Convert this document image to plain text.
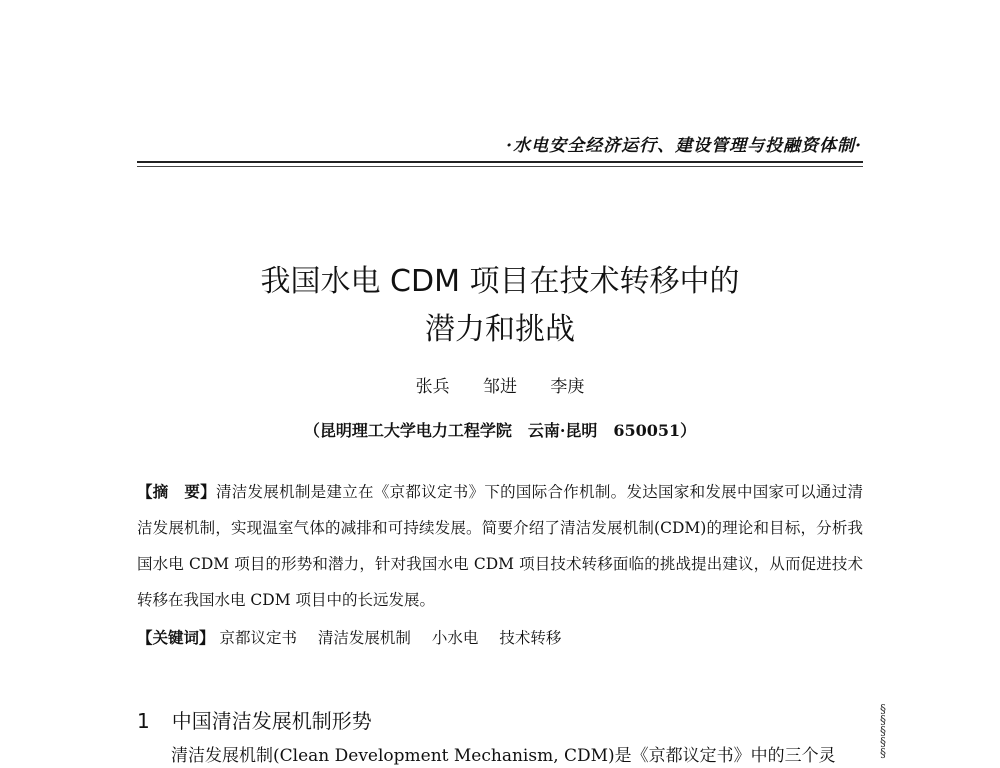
·水电安全经济运行、建设管理与投融资体制·
我国水电 CDM 项目在技术转移中的
潜力和挑战
张兵 邹进 李庚
（昆明理工大学电力工程学院　云南·昆明　650051）
【摘　要】清洁发展机制是建立在《京都议定书》下的国际合作机制。发达国家和发展中国家可以通过清洁发展机制，实现温室气体的减排和可持续发展。简要介绍了清洁发展机制(CDM)的理论和目标，分析我国水电 CDM 项目的形势和潜力，针对我国水电 CDM 项目技术转移面临的挑战提出建议，从而促进技术转移在我国水电 CDM 项目中的长远发展。
【关键词】 京都议定书 清洁发展机制 小水电 技术转移
1 中国清洁发展机制形势
清洁发展机制(Clean Development Mechanism, CDM)是《京都议定书》中的三个灵
§
§
§
§
§
